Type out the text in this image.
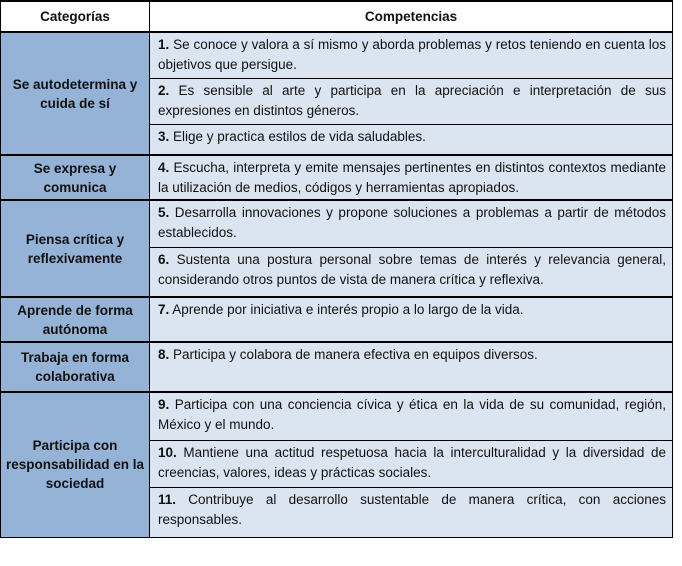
Categorías	Competencias
Se autodetermina y cuida de sí	1. Se conoce y valora a sí mismo y aborda problemas y retos teniendo en cuenta los objetivos que persigue.
	2. Es sensible al arte y participa en la apreciación e interpretación de sus expresiones en distintos géneros.
	3. Elige y practica estilos de vida saludables.
Se expresa y comunica	4. Escucha, interpreta y emite mensajes pertinentes en distintos contextos mediante la utilización de medios, códigos y herramientas apropiados.
Piensa crítica y reflexivamente	5. Desarrolla innovaciones y propone soluciones a problemas a partir de métodos establecidos.
	6. Sustenta una postura personal sobre temas de interés y relevancia general, considerando otros puntos de vista de manera crítica y reflexiva.
Aprende de forma autónoma	7. Aprende por iniciativa e interés propio a lo largo de la vida.
Trabaja en forma colaborativa	8. Participa y colabora de manera efectiva en equipos diversos.
Participa con responsabilidad en la sociedad	9. Participa con una conciencia cívica y ética en la vida de su comunidad, región, México y el mundo.
	10. Mantiene una actitud respetuosa hacia la interculturalidad y la diversidad de creencias, valores, ideas y prácticas sociales.
	11. Contribuye al desarrollo sustentable de manera crítica, con acciones responsables.
